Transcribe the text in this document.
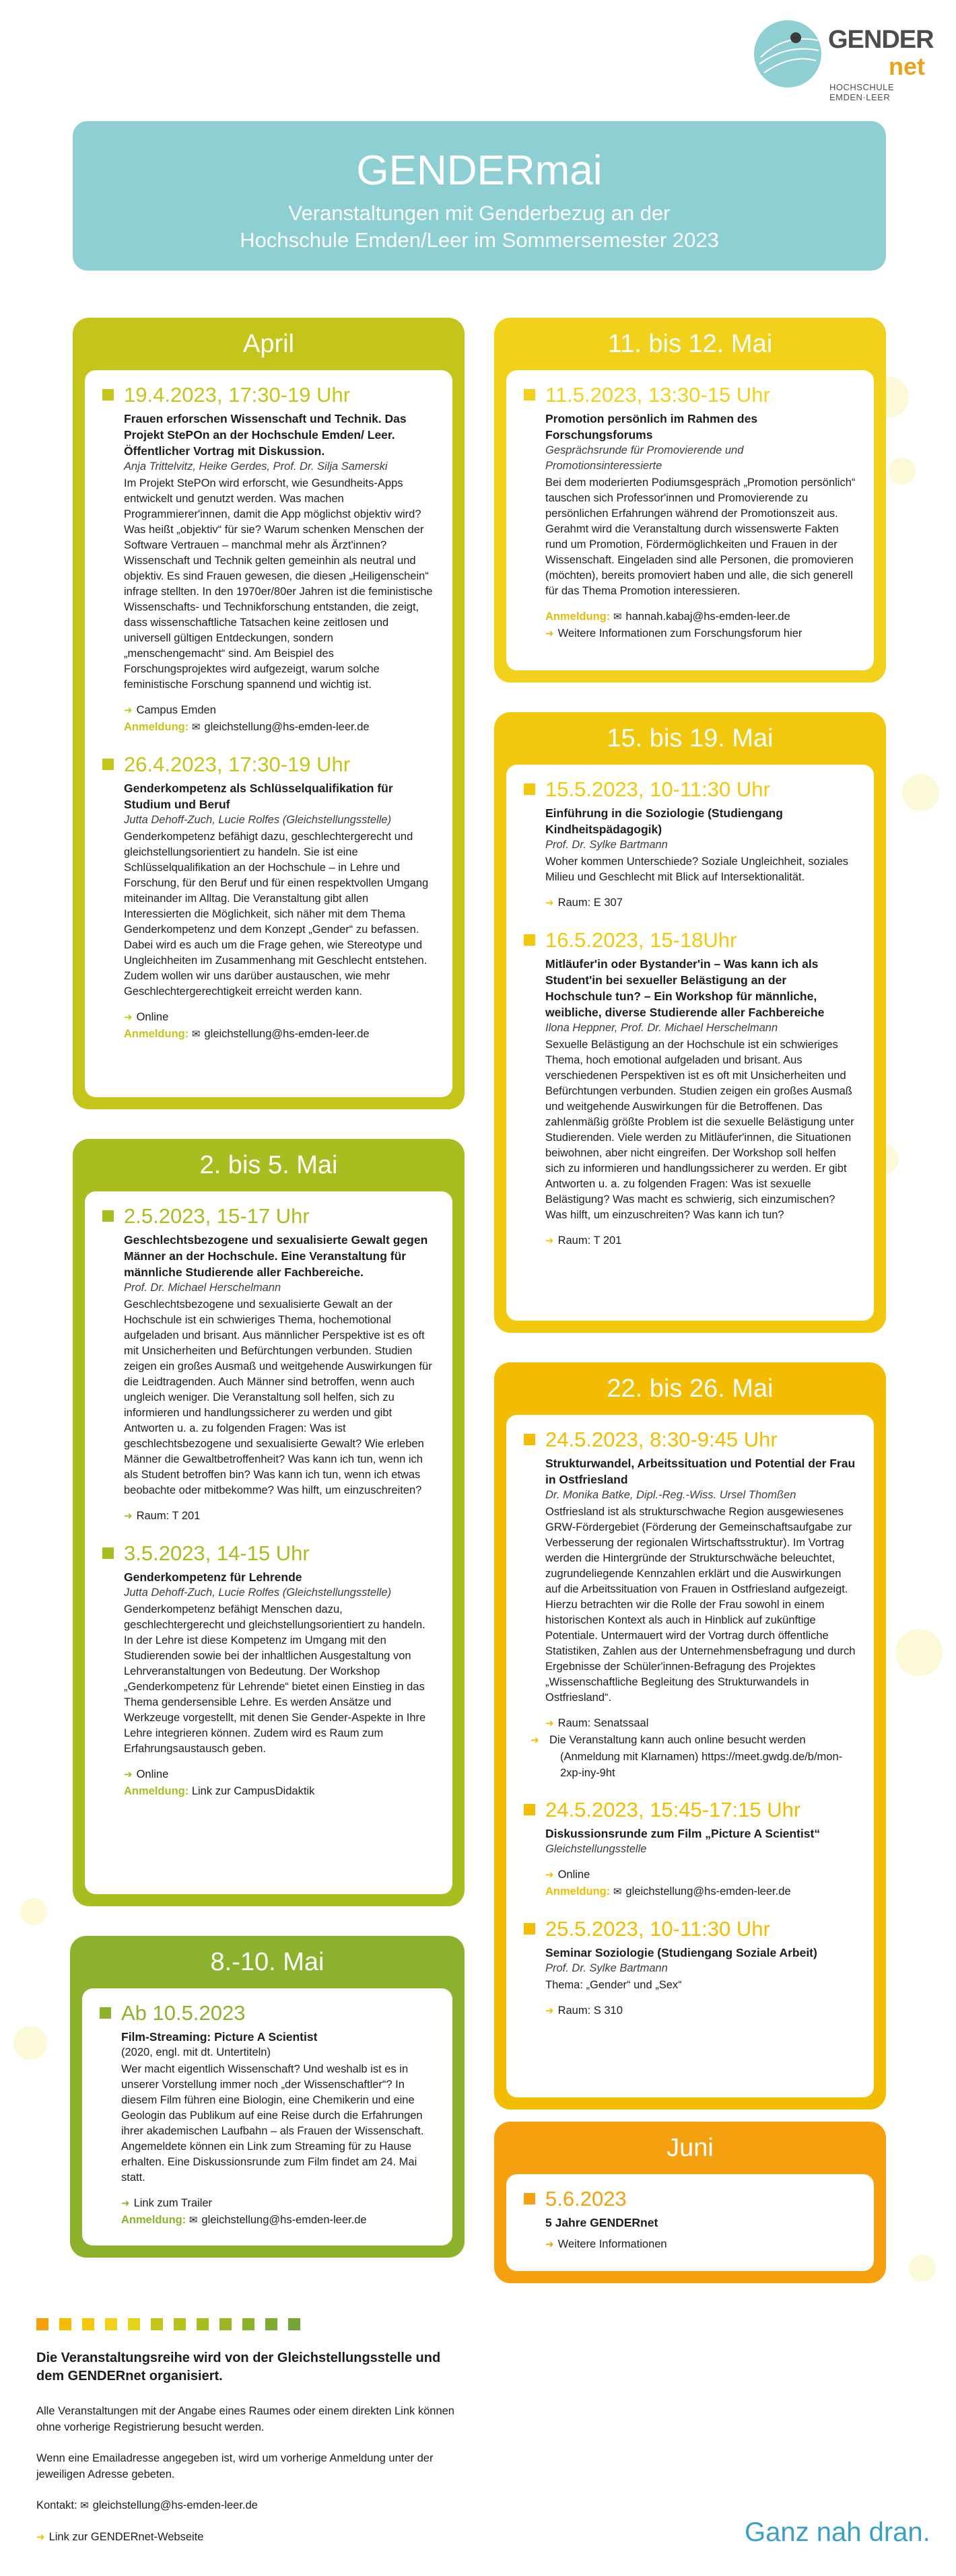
GENDER
net
HOCHSCHULE EMDEN·LEER
GENDERmai
Veranstaltungen mit Genderbezug an der
Hochschule Emden/Leer im Sommersemester 2023
April
19.4.2023, 17:30-19 Uhr
Frauen erforschen Wissenschaft und Technik. Das Projekt StePOn an der Hochschule Emden/ Leer. Öffentlicher Vortrag mit Diskussion.
Anja Trittelvitz, Heike Gerdes, Prof. Dr. Silja Samerski
Im Projekt StePOn wird erforscht, wie Gesundheits-Apps entwickelt und genutzt werden. Was machen Programmierer'innen, damit die App möglichst objektiv wird? Was heißt „objektiv“ für sie? Warum schenken Menschen der Software Vertrauen – manchmal mehr als Ärzt'innen? Wissenschaft und Technik gelten gemeinhin als neutral und objektiv. Es sind Frauen gewesen, die diesen „Heiligenschein“ infrage stellten. In den 1970er/80er Jahren ist die feministische Wissenschafts- und Technikforschung entstanden, die zeigt, dass wissenschaftliche Tatsachen keine zeitlosen und universell gültigen Entdeckungen, sondern „menschengemacht“ sind. Am Beispiel des Forschungsprojektes wird aufgezeigt, warum solche feministische Forschung spannend und wichtig ist.
➜ Campus Emden
Anmeldung: ✉ gleichstellung@hs-emden-leer.de
26.4.2023, 17:30-19 Uhr
Genderkompetenz als Schlüsselqualifikation für Studium und Beruf
Jutta Dehoff-Zuch, Lucie Rolfes (Gleichstellungsstelle)
Genderkompetenz befähigt dazu, geschlechtergerecht und gleichstellungsorientiert zu handeln. Sie ist eine Schlüsselqualifikation an der Hochschule – in Lehre und Forschung, für den Beruf und für einen respektvollen Umgang miteinander im Alltag. Die Veranstaltung gibt allen Interessierten die Möglichkeit, sich näher mit dem Thema Genderkompetenz und dem Konzept „Gender“ zu befassen. Dabei wird es auch um die Frage gehen, wie Stereotype und Ungleichheiten im Zusammenhang mit Geschlecht entstehen. Zudem wollen wir uns darüber austauschen, wie mehr Geschlechtergerechtigkeit erreicht werden kann.
➜ Online
Anmeldung: ✉ gleichstellung@hs-emden-leer.de
2. bis 5. Mai
2.5.2023, 15-17 Uhr
Geschlechtsbezogene und sexualisierte Gewalt gegen Männer an der Hochschule. Eine Veranstaltung für männliche Studierende aller Fachbereiche.
Prof. Dr. Michael Herschelmann
Geschlechtsbezogene und sexualisierte Gewalt an der Hochschule ist ein schwieriges Thema, hochemotional aufgeladen und brisant. Aus männlicher Perspektive ist es oft mit Unsicherheiten und Befürchtungen verbunden. Studien zeigen ein großes Ausmaß und weitgehende Auswirkungen für die Leidtragenden. Auch Männer sind betroffen, wenn auch ungleich weniger. Die Veranstaltung soll helfen, sich zu informieren und handlungssicherer zu werden und gibt Antworten u. a. zu folgenden Fragen: Was ist geschlechtsbezogene und sexualisierte Gewalt? Wie erleben Männer die Gewaltbetroffenheit? Was kann ich tun, wenn ich als Student betroffen bin? Was kann ich tun, wenn ich etwas beobachte oder mitbekomme? Was hilft, um einzuschreiten?
➜ Raum: T 201
3.5.2023, 14-15 Uhr
Genderkompetenz für Lehrende
Jutta Dehoff-Zuch, Lucie Rolfes (Gleichstellungsstelle)
Genderkompetenz befähigt Menschen dazu, geschlechtergerecht und gleichstellungsorientiert zu handeln. In der Lehre ist diese Kompetenz im Umgang mit den Studierenden sowie bei der inhaltlichen Ausgestaltung von Lehrveranstaltungen von Bedeutung. Der Workshop „Genderkompetenz für Lehrende“ bietet einen Einstieg in das Thema gendersensible Lehre. Es werden Ansätze und Werkzeuge vorgestellt, mit denen Sie Gender-Aspekte in Ihre Lehre integrieren können. Zudem wird es Raum zum Erfahrungsaustausch geben.
➜ Online
Anmeldung: Link zur CampusDidaktik
8.-10. Mai
Ab 10.5.2023
Film-Streaming: Picture A Scientist
(2020, engl. mit dt. Untertiteln)
Wer macht eigentlich Wissenschaft? Und weshalb ist es in unserer Vorstellung immer noch „der Wissenschaftler“? In diesem Film führen eine Biologin, eine Chemikerin und eine Geologin das Publikum auf eine Reise durch die Erfahrungen ihrer akademischen Laufbahn – als Frauen der Wissenschaft. Angemeldete können ein Link zum Streaming für zu Hause erhalten. Eine Diskussionsrunde zum Film findet am 24. Mai statt.
➜ Link zum Trailer
Anmeldung: ✉ gleichstellung@hs-emden-leer.de
11. bis 12. Mai
11.5.2023, 13:30-15 Uhr
Promotion persönlich im Rahmen des Forschungsforums
Gesprächsrunde für Promovierende und Promotionsinteressierte
Bei dem moderierten Podiumsgespräch „Promotion persönlich“ tauschen sich Professor'innen und Promovierende zu persönlichen Erfahrungen während der Promotionszeit aus. Gerahmt wird die Veranstaltung durch wissenswerte Fakten rund um Promotion, Fördermöglichkeiten und Frauen in der Wissenschaft. Eingeladen sind alle Personen, die promovieren (möchten), bereits promoviert haben und alle, die sich generell für das Thema Promotion interessieren.
Anmeldung: ✉ hannah.kabaj@hs-emden-leer.de
➜ Weitere Informationen zum Forschungsforum hier
15. bis 19. Mai
15.5.2023, 10-11:30 Uhr
Einführung in die Soziologie (Studiengang Kindheitspädagogik)
Prof. Dr. Sylke Bartmann
Woher kommen Unterschiede? Soziale Ungleichheit, soziales Milieu und Geschlecht mit Blick auf Intersektionalität.
➜ Raum: E 307
16.5.2023, 15-18Uhr
Mitläufer'in oder Bystander'in – Was kann ich als Student'in bei sexueller Belästigung an der Hochschule tun? – Ein Workshop für männliche, weibliche, diverse Studierende aller Fachbereiche
Ilona Heppner, Prof. Dr. Michael Herschelmann
Sexuelle Belästigung an der Hochschule ist ein schwieriges Thema, hoch emotional aufgeladen und brisant. Aus verschiedenen Perspektiven ist es oft mit Unsicherheiten und Befürchtungen verbunden. Studien zeigen ein großes Ausmaß und weitgehende Auswirkungen für die Betroffenen. Das zahlenmäßig größte Problem ist die sexuelle Belästigung unter Studierenden. Viele werden zu Mitläufer'innen, die Situationen beiwohnen, aber nicht eingreifen. Der Workshop soll helfen sich zu informieren und handlungssicherer zu werden. Er gibt Antworten u. a. zu folgenden Fragen: Was ist sexuelle Belästigung? Was macht es schwierig, sich einzumischen? Was hilft, um einzuschreiten? Was kann ich tun?
➜ Raum: T 201
22. bis 26. Mai
24.5.2023, 8:30-9:45 Uhr
Strukturwandel, Arbeitssituation und Potential der Frau in Ostfriesland
Dr. Monika Batke, Dipl.-Reg.-Wiss. Ursel Thomßen
Ostfriesland ist als strukturschwache Region ausgewiesenes GRW-Fördergebiet (Förderung der Gemeinschaftsaufgabe zur Verbesserung der regionalen Wirtschaftsstruktur). Im Vortrag werden die Hintergründe der Strukturschwäche beleuchtet, zugrundeliegende Kennzahlen erklärt und die Auswirkungen auf die Arbeitssituation von Frauen in Ostfriesland aufgezeigt. Hierzu betrachten wir die Rolle der Frau sowohl in einem historischen Kontext als auch in Hinblick auf zukünftige Potentiale. Untermauert wird der Vortrag durch öffentliche Statistiken, Zahlen aus der Unternehmensbefragung und durch Ergebnisse der Schüler'innen-Befragung des Projektes „Wissenschaftliche Begleitung des Strukturwandels in Ostfriesland“.
➜ Raum: Senatssaal
➜ Die Veranstaltung kann auch online besucht werden (Anmeldung mit Klarnamen) https://meet.gwdg.de/b/mon-2xp-iny-9ht
24.5.2023, 15:45-17:15 Uhr
Diskussionsrunde zum Film „Picture A Scientist“
Gleichstellungsstelle
➜ Online
Anmeldung: ✉ gleichstellung@hs-emden-leer.de
25.5.2023, 10-11:30 Uhr
Seminar Soziologie (Studiengang Soziale Arbeit)
Prof. Dr. Sylke Bartmann
Thema: „Gender“ und „Sex“
➜ Raum: S 310
Juni
5.6.2023
5 Jahre GENDERnet
➜ Weitere Informationen
Die Veranstaltungsreihe wird von der Gleichstellungsstelle und dem GENDERnet organisiert.

Alle Veranstaltungen mit der Angabe eines Raumes oder einem direkten Link können ohne vorherige Registrierung besucht werden.

Wenn eine Emailadresse angegeben ist, wird um vorherige Anmeldung unter der jeweiligen Adresse gebeten.

Kontakt: ✉ gleichstellung@hs-emden-leer.de

➜ Link zur GENDERnet-Webseite	Ganz nah dran.
